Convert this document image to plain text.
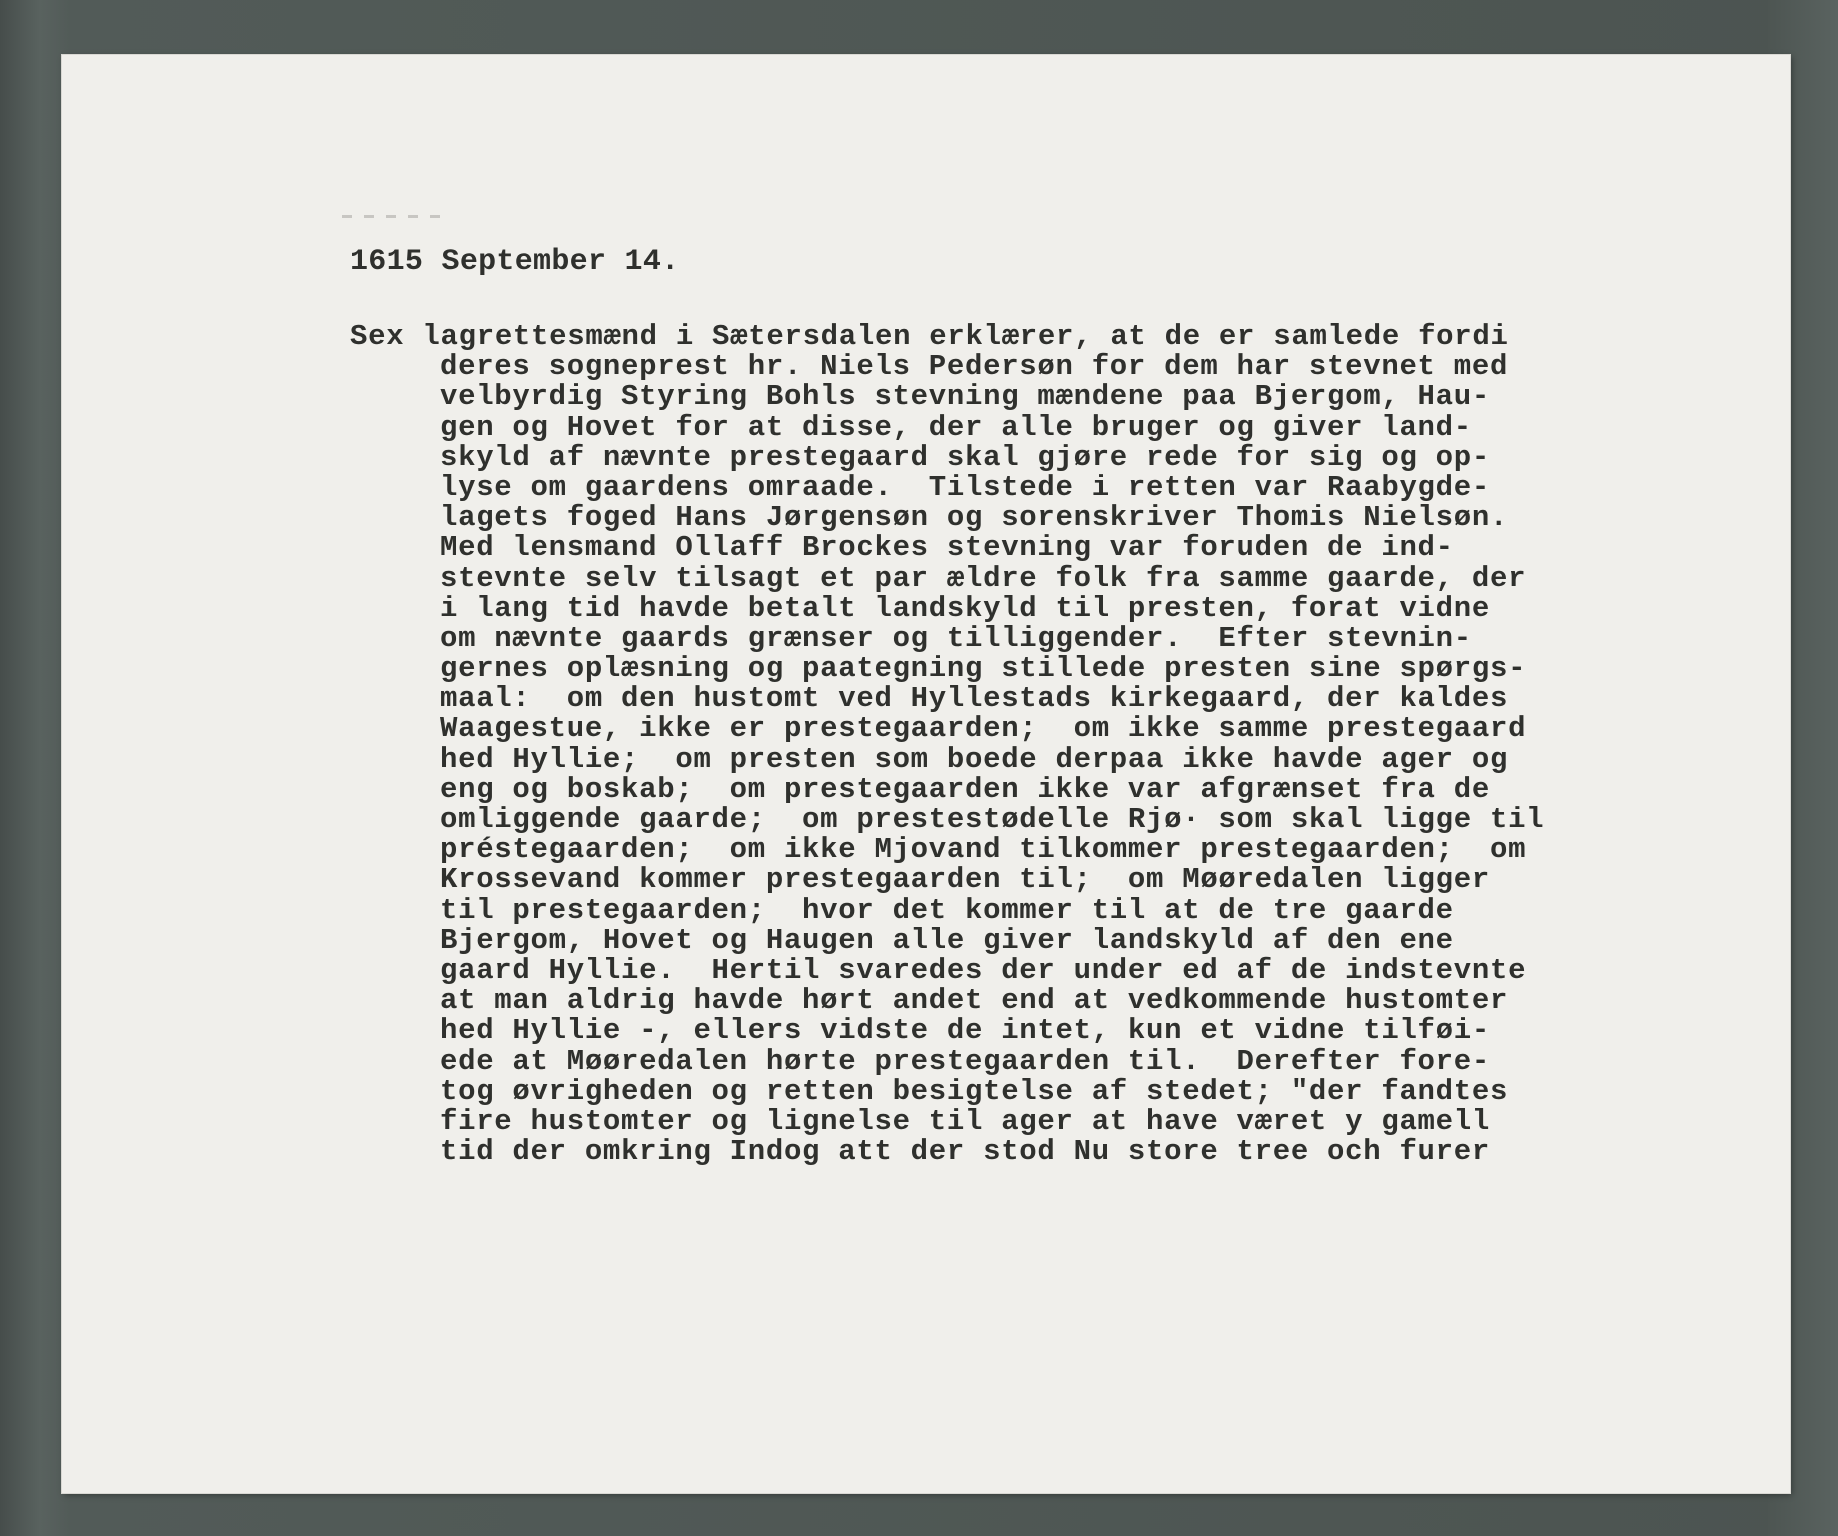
1615 September 14.
Sex lagrettesmænd i Sætersdalen erklærer, at de er samlede fordi
deres sogneprest hr. Niels Pedersøn for dem har stevnet med
velbyrdig Styring Bohls stevning mændene paa Bjergom, Hau-
gen og Hovet for at disse, der alle bruger og giver land-
skyld af nævnte prestegaard skal gjøre rede for sig og op-
lyse om gaardens omraade.  Tilstede i retten var Raabygde-
lagets foged Hans Jørgensøn og sorenskriver Thomis Nielsøn.
Med lensmand Ollaff Brockes stevning var foruden de ind-
stevnte selv tilsagt et par ældre folk fra samme gaarde, der
i lang tid havde betalt landskyld til presten, forat vidne
om nævnte gaards grænser og tilliggender.  Efter stevnin-
gernes oplæsning og paategning stillede presten sine spørgs-
maal:  om den hustomt ved Hyllestads kirkegaard, der kaldes
Waagestue, ikke er prestegaarden;  om ikke samme prestegaard
hed Hyllie;  om presten som boede derpaa ikke havde ager og
eng og boskab;  om prestegaarden ikke var afgrænset fra de
omliggende gaarde;  om prestestødelle Rjø· som skal ligge til
préstegaarden;  om ikke Mjovand tilkommer prestegaarden;  om
Krossevand kommer prestegaarden til;  om Møøredalen ligger
til prestegaarden;  hvor det kommer til at de tre gaarde
Bjergom, Hovet og Haugen alle giver landskyld af den ene
gaard Hyllie.  Hertil svaredes der under ed af de indstevnte
at man aldrig havde hørt andet end at vedkommende hustomter
hed Hyllie -, ellers vidste de intet, kun et vidne tilføi-
ede at Møøredalen hørte prestegaarden til.  Derefter fore-
tog øvrigheden og retten besigtelse af stedet; "der fandtes
fire hustomter og lignelse til ager at have været y gamell
tid der omkring Indog att der stod Nu store tree och furer
